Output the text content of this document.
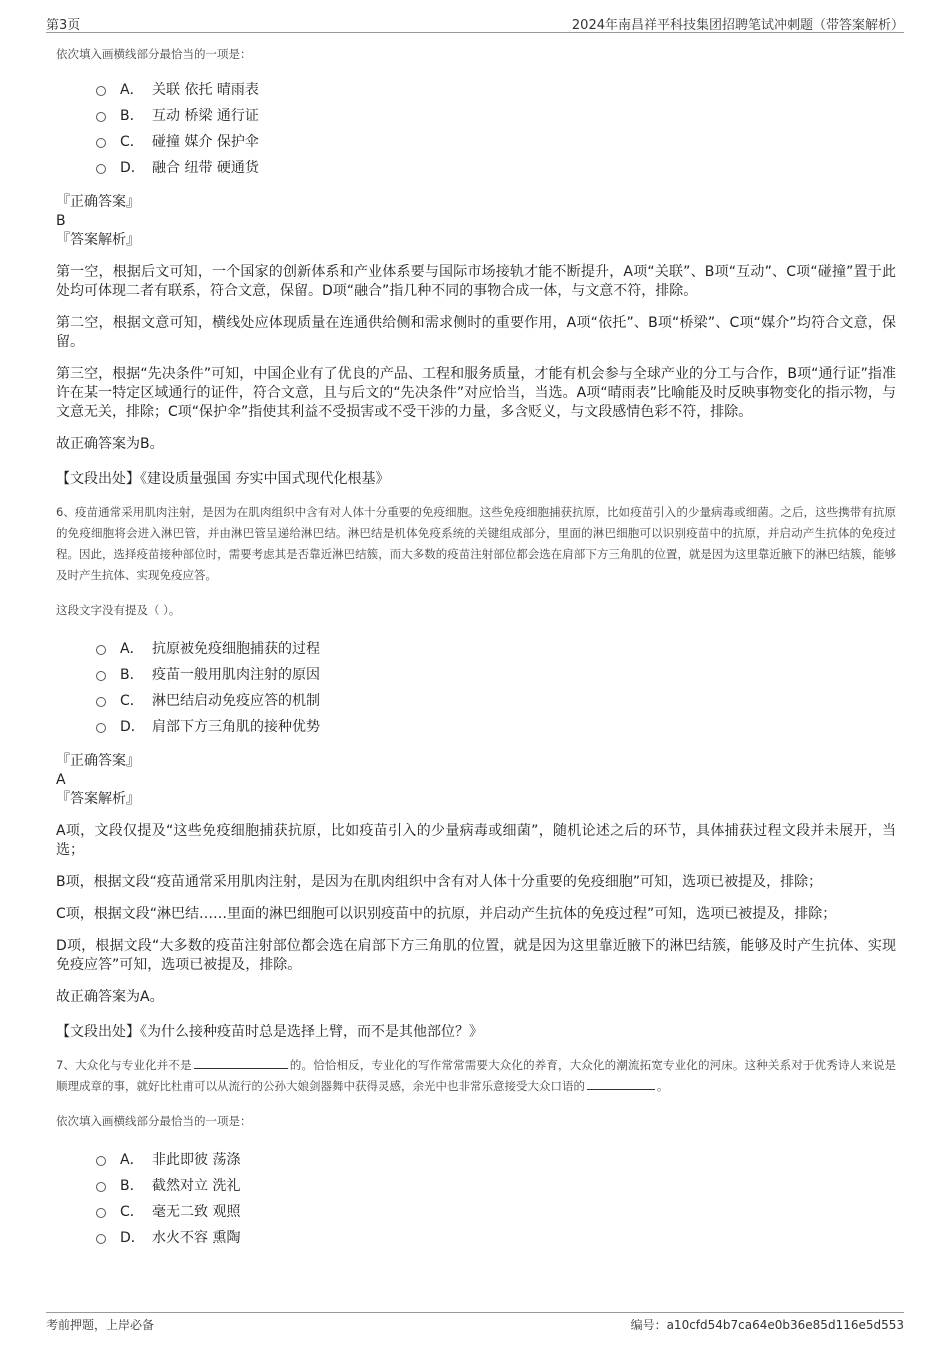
第3页	2024年南昌祥平科技集团招聘笔试冲刺题（带答案解析）
依次填入画横线部分最恰当的一项是：
A． 关联 依托 晴雨表
B． 互动 桥梁 通行证
C． 碰撞 媒介 保护伞
D． 融合 纽带 硬通货
『正确答案』
B
『答案解析』

第一空，根据后文可知，一个国家的创新体系和产业体系要与国际市场接轨才能不断提升，A项“关联”、B项“互动”、C项“碰撞”置于此处均可体现二者有联系，符合文意，保留。D项“融合”指几种不同的事物合成一体，与文意不符，排除。

第二空，根据文意可知，横线处应体现质量在连通供给侧和需求侧时的重要作用，A项“依托”、B项“桥梁”、C项“媒介”均符合文意，保留。

第三空，根据“先决条件”可知，中国企业有了优良的产品、工程和服务质量，才能有机会参与全球产业的分工与合作，B项“通行证”指准许在某一特定区域通行的证件，符合文意，且与后文的“先决条件”对应恰当，当选。A项“晴雨表”比喻能及时反映事物变化的指示物，与文意无关，排除；C项“保护伞”指使其利益不受损害或不受干涉的力量，多含贬义，与文段感情色彩不符，排除。

故正确答案为B。

【文段出处】《建设质量强国 夯实中国式现代化根基》
6、疫苗通常采用肌肉注射，是因为在肌肉组织中含有对人体十分重要的免疫细胞。这些免疫细胞捕获抗原，比如疫苗引入的少量病毒或细菌。之后，这些携带有抗原的免疫细胞将会进入淋巴管，并由淋巴管呈递给淋巴结。淋巴结是机体免疫系统的关键组成部分，里面的淋巴细胞可以识别疫苗中的抗原，并启动产生抗体的免疫过程。因此，选择疫苗接种部位时，需要考虑其是否靠近淋巴结簇，而大多数的疫苗注射部位都会选在肩部下方三角肌的位置，就是因为这里靠近腋下的淋巴结簇，能够及时产生抗体、实现免疫应答。
这段文字没有提及（ ）。
A． 抗原被免疫细胞捕获的过程
B． 疫苗一般用肌肉注射的原因
C． 淋巴结启动免疫应答的机制
D． 肩部下方三角肌的接种优势
『正确答案』
A
『答案解析』

A项，文段仅提及“这些免疫细胞捕获抗原，比如疫苗引入的少量病毒或细菌”，随机论述之后的环节，具体捕获过程文段并未展开，当选；

B项，根据文段“疫苗通常采用肌肉注射，是因为在肌肉组织中含有对人体十分重要的免疫细胞”可知，选项已被提及，排除；

C项，根据文段“淋巴结……里面的淋巴细胞可以识别疫苗中的抗原，并启动产生抗体的免疫过程”可知，选项已被提及，排除；

D项，根据文段“大多数的疫苗注射部位都会选在肩部下方三角肌的位置，就是因为这里靠近腋下的淋巴结簇，能够及时产生抗体、实现免疫应答”可知，选项已被提及，排除。

故正确答案为A。

【文段出处】《为什么接种疫苗时总是选择上臂，而不是其他部位？》
7、大众化与专业化并不是	的。恰恰相反，专业化的写作常常需要大众化的养育，大众化的潮流拓宽专业化的河床。这种关系对于优秀诗人来说是顺理成章的事，就好比杜甫可以从流行的公孙大娘剑器舞中获得灵感，余光中也非常乐意接受大众口语的	。
依次填入画横线部分最恰当的一项是：
A． 非此即彼 荡涤
B． 截然对立 洗礼
C． 毫无二致 观照
D． 水火不容 熏陶
考前押题，上岸必备	编号：a10cfd54b7ca64e0b36e85d116e5d553
